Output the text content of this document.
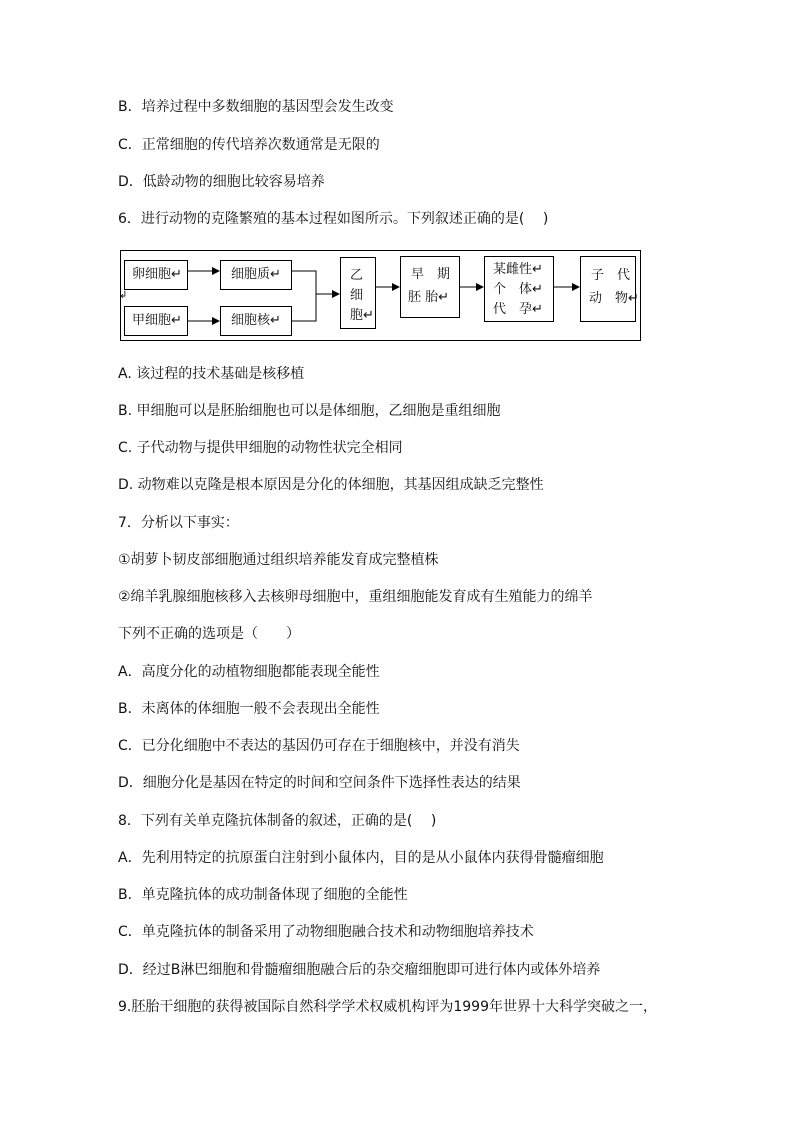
B．培养过程中多数细胞的基因型会发生改变
C．正常细胞的传代培养次数通常是无限的
D．低龄动物的细胞比较容易培养
6．进行动物的克隆繁殖的基本过程如图所示。下列叙述正确的是(　 )
↲
卵细胞↵	细胞质↵
甲细胞↵	细胞核↵
乙
细
胞↵
早　期
胚 胎↵
某雌性↵
个　体↵
代　孕↵
子　代
动　物↵
A. 该过程的技术基础是核移植
B. 甲细胞可以是胚胎细胞也可以是体细胞，乙细胞是重组细胞
C. 子代动物与提供甲细胞的动物性状完全相同
D. 动物难以克隆是根本原因是分化的体细胞，其基因组成缺乏完整性
7．分析以下事实：
①胡萝卜韧皮部细胞通过组织培养能发育成完整植株
②绵羊乳腺细胞核移入去核卵母细胞中，重组细胞能发育成有生殖能力的绵羊
下列不正确的选项是（　　）
A．高度分化的动植物细胞都能表现全能性
B．未离体的体细胞一般不会表现出全能性
C．已分化细胞中不表达的基因仍可存在于细胞核中，并没有消失
D．细胞分化是基因在特定的时间和空间条件下选择性表达的结果
8．下列有关单克隆抗体制备的叙述，正确的是(　 )
A．先利用特定的抗原蛋白注射到小鼠体内，目的是从小鼠体内获得骨髓瘤细胞
B．单克隆抗体的成功制备体现了细胞的全能性
C．单克隆抗体的制备采用了动物细胞融合技术和动物细胞培养技术
D．经过B淋巴细胞和骨髓瘤细胞融合后的杂交瘤细胞即可进行体内或体外培养
9.胚胎干细胞的获得被国际自然科学学术权威机构评为1999年世界十大科学突破之一，
